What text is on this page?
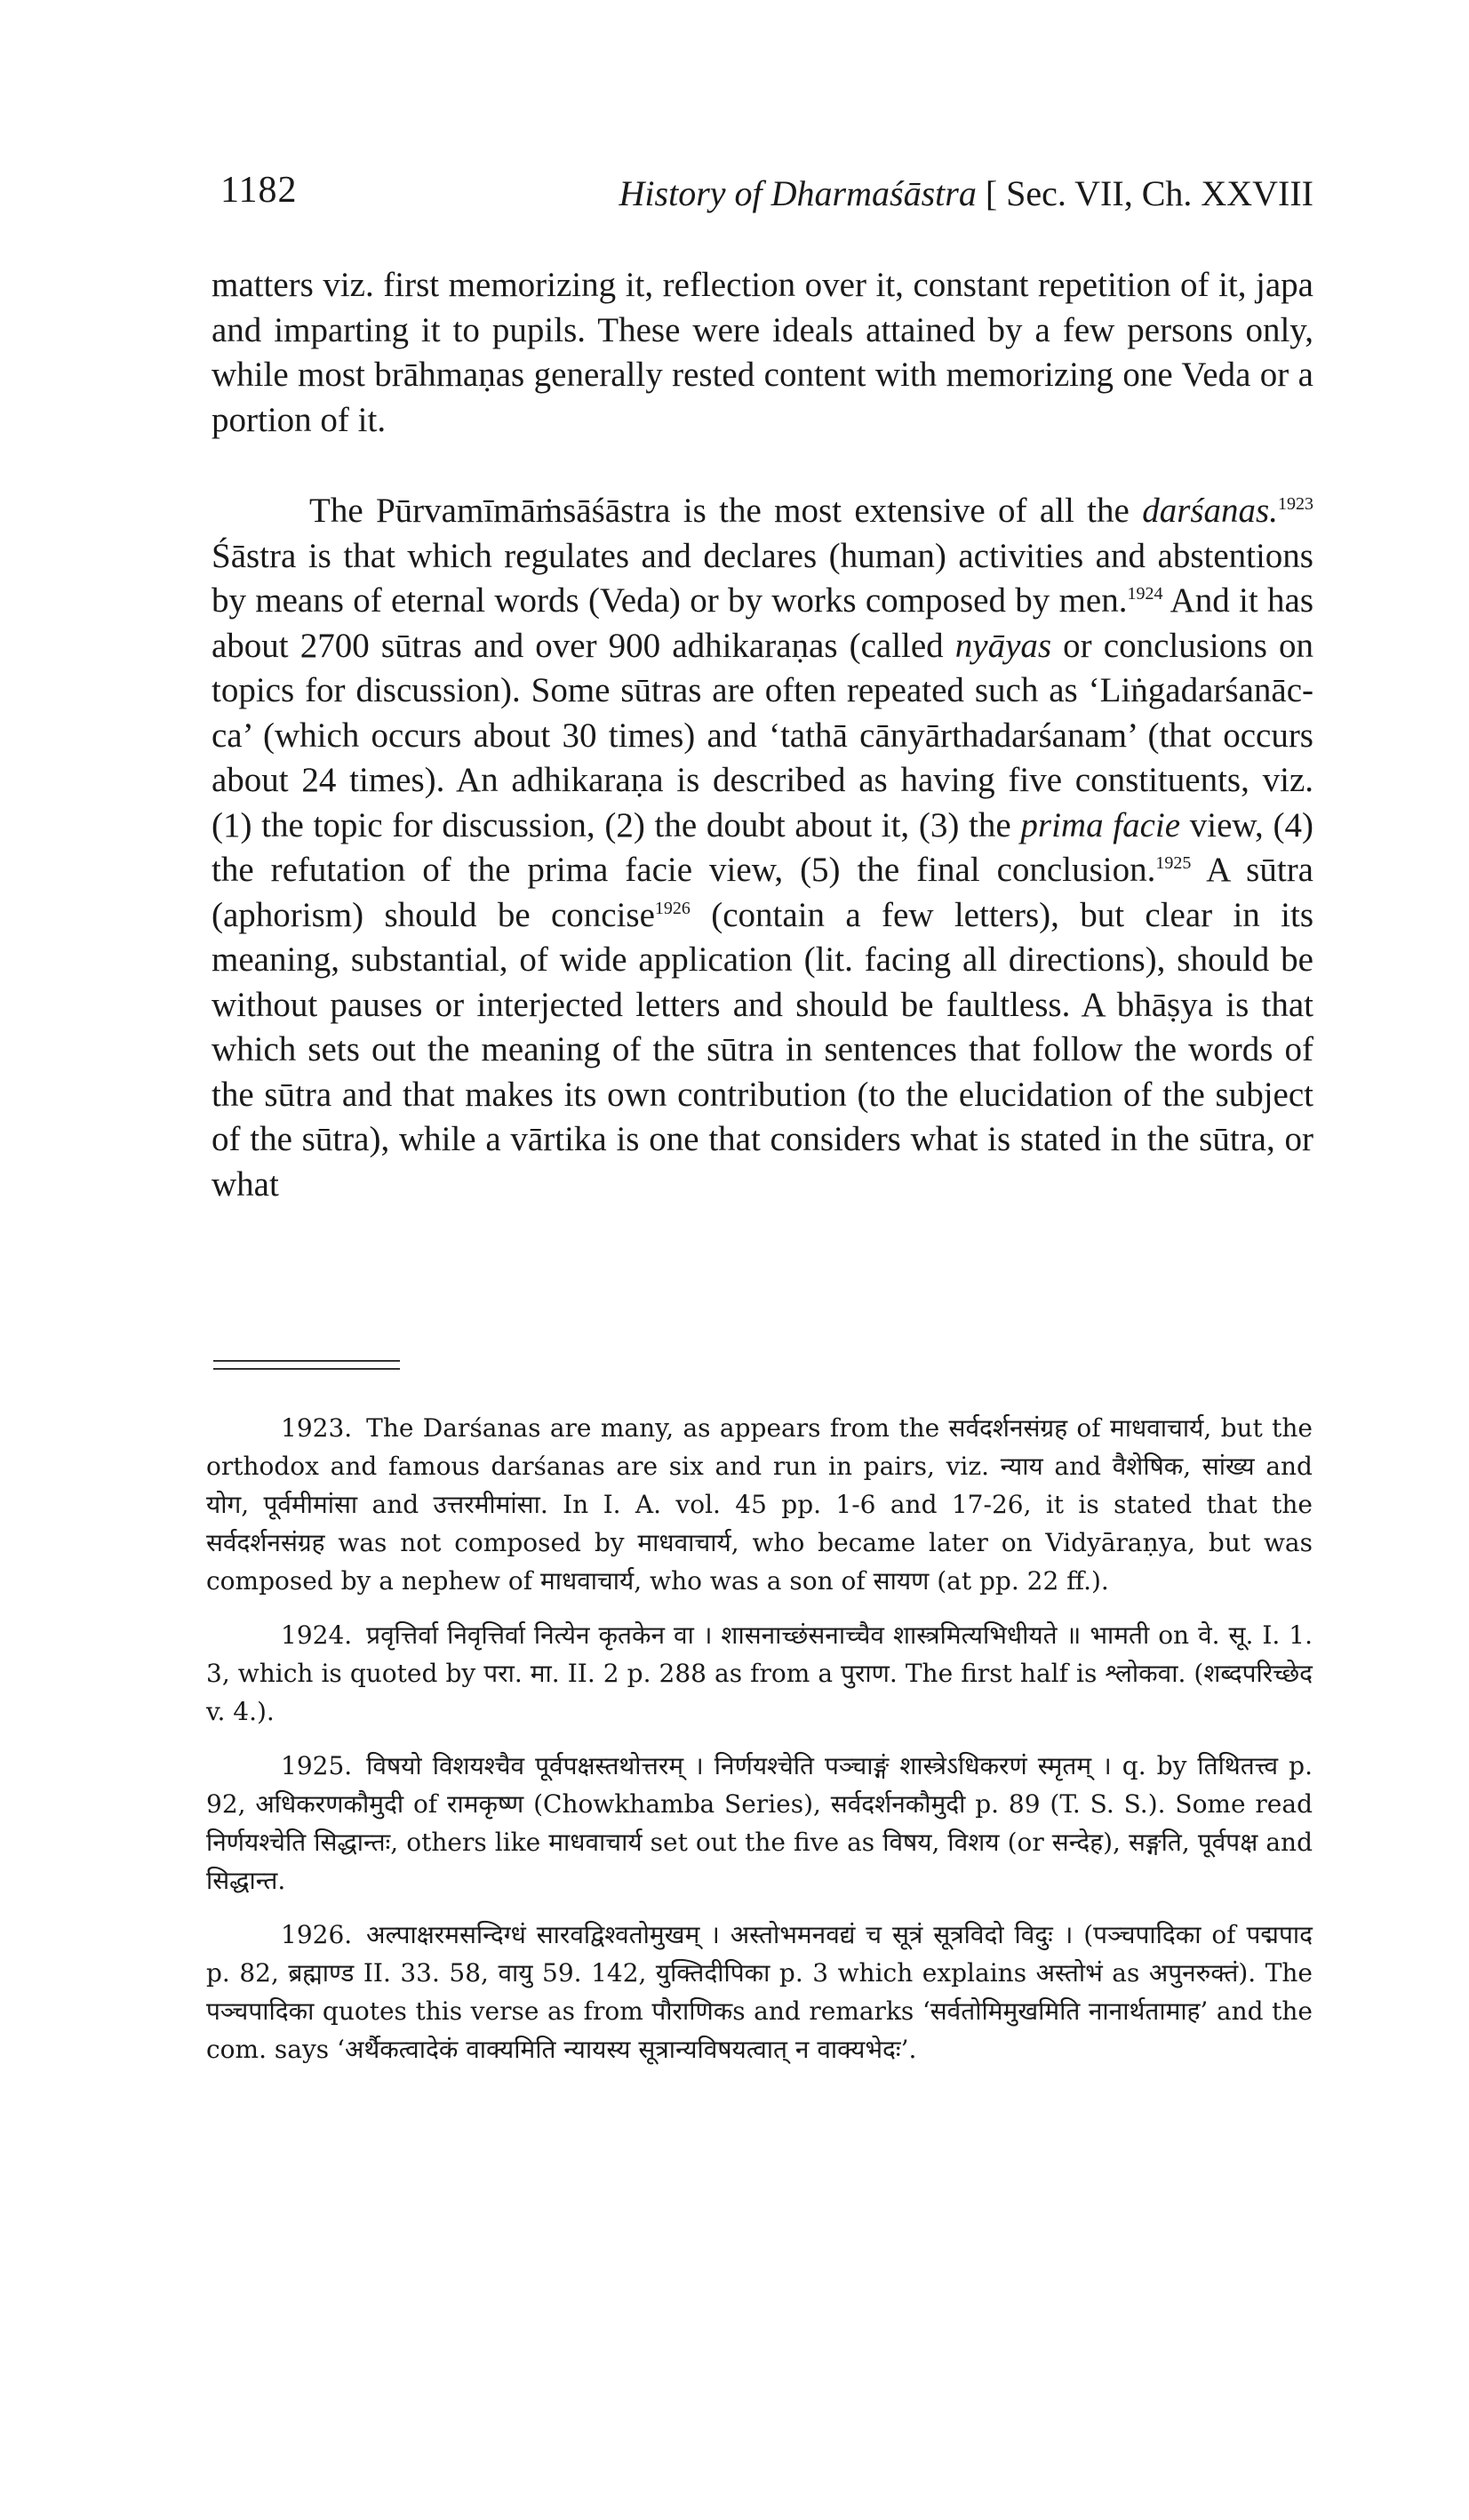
1182	History of Dharmaśāstra [ Sec. VII, Ch. XXVIII

matters viz. first memorizing it, reflection over it, constant repetition of it, japa and imparting it to pupils. These were ideals attained by a few persons only, while most brāhmaṇas generally rested content with memorizing one Veda or a portion of it.

The Pūrvamīmāṁsāśāstra is the most extensive of all the darśanas.$^{1923}$ Śāstra is that which regulates and declares (human) activities and abstentions by means of eternal words (Veda) or by works composed by men.$^{1924}$ And it has about 2700 sūtras and over 900 adhikaraṇas (called nyāyas or conclusions on topics for discussion). Some sūtras are often repeated such as ‘Liṅgadarśanāc-ca’ (which occurs about 30 times) and ‘tathā cānyārthadarśanam’ (that occurs about 24 times). An adhikaraṇa is described as having five constituents, viz. (1) the topic for discussion, (2) the doubt about it, (3) the prima facie view, (4) the refutation of the prima facie view, (5) the final conclusion.$^{1925}$ A sūtra (aphorism) should be concise$^{1926}$ (contain a few letters), but clear in its meaning, substantial, of wide application (lit. facing all directions), should be without pauses or interjected letters and should be faultless. A bhāṣya is that which sets out the meaning of the sūtra in sentences that follow the words of the sūtra and that makes its own contribution (to the elucidation of the subject of the sūtra), while a vārtika is one that considers what is stated in the sūtra, or what

1923. The Darśanas are many, as appears from the सर्वदर्शनसंग्रह of माधवाचार्य, but the orthodox and famous darśanas are six and run in pairs, viz. न्याय and वैशेषिक, सांख्य and योग, पूर्वमीमांसा and उत्तरमीमांसा. In I. A. vol. 45 pp. 1-6 and 17-26, it is stated that the सर्वदर्शनसंग्रह was not composed by माधवाचार्य, who became later on Vidyāraṇya, but was composed by a nephew of माधवाचार्य, who was a son of सायण (at pp. 22 ff.).

1924. प्रवृत्तिर्वा निवृत्तिर्वा नित्येन कृतकेन वा । शासनाच्छंसनाच्चैव शास्त्रमित्यभिधीयते ॥ भामती on वे. सू. I. 1. 3, which is quoted by परा. मा. II. 2 p. 288 as from a पुराण. The first half is श्लोकवा. (शब्दपरिच्छेद v. 4.).

1925. विषयो विशयश्चैव पूर्वपक्षस्तथोत्तरम् । निर्णयश्चेति पञ्चाङ्गं शास्त्रेऽधिकरणं स्मृतम् । q. by तिथितत्त्व p. 92, अधिकरणकौमुदी of रामकृष्ण (Chowkhamba Series), सर्वदर्शनकौमुदी p. 89 (T. S. S.). Some read निर्णयश्चेति सिद्धान्तः, others like माधवाचार्य set out the five as विषय, विशय (or सन्देह), सङ्गति, पूर्वपक्ष and सिद्धान्त.

1926. अल्पाक्षरमसन्दिग्धं सारवद्विश्वतोमुखम् । अस्तोभमनवद्यं च सूत्रं सूत्रविदो विदुः । (पञ्चपादिका of पद्मपाद p. 82, ब्रह्माण्ड II. 33. 58, वायु 59. 142, युक्तिदीपिका p. 3 which explains अस्तोभं as अपुनरुक्तं). The पञ्चपादिका quotes this verse as from पौराणिकs and remarks ‘सर्वतोमिमुखमिति नानार्थतामाह’ and the com. says ‘अर्थैकत्वादेकं वाक्यमिति न्यायस्य सूत्रान्यविषयत्वात् न वाक्यभेदः’.
